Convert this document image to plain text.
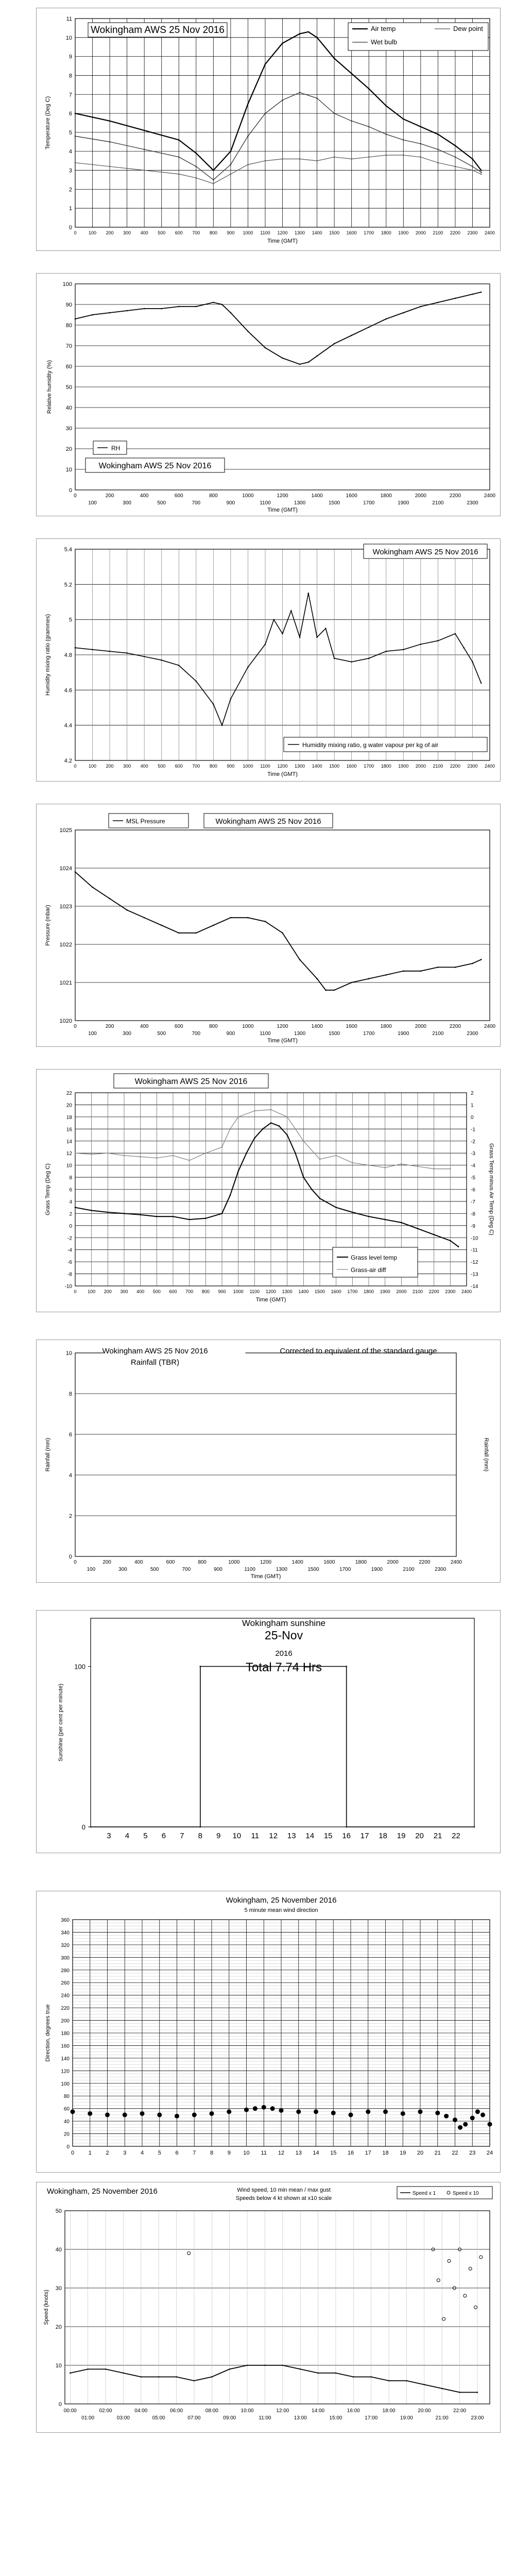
0
1
2
3
4
5
6
7
8
9
10
11
0	100 200 300 400 500 600 700 800 900 1000 1100 1200 1300 1400 1500 1600 1700 1800 1900 2000 2100 2200 2300 2400
Time (GMT)
Temperature (Deg C)
Wokingham AWS 25 Nov 2016	Air temp	Dew point
Wet bulb
0
10
20
30
40
50
60
70
80
90
100
0	200	400	600	800	1000	1200	1400	1600	1800	2000	2200	2400
100	300	500	700	900	1100	1300	1500	1700	1900	2100	2300
Time (GMT)
Relative humidity (%)
RH
Wokingham AWS 25 Nov 2016
4.2
4.4
4.6
4.8
5
5.2
5.4
0	100 200 300 400 500 600 700 800 900 1000 1100 1200 1300 1400 1500 1600 1700 1800 1900 2000 2100 2200 2300 2400
Time (GMT)
Humidity mixing ratio (grammes)
Wokingham AWS 25 Nov 2016
Humidity mixing ratio, g water vapour per kg of air
1020
1021
1022
1023
1024
1025
0	200	400	600	800	1000	1200	1400	1600	1800	2000	2200	2400
100	300	500	700	900	1100	1300	1500	1700	1900	2100	2300
Time (GMT)
Pressure (mbar)
MSL Pressure	Wokingham AWS 25 Nov 2016
-10
-8
-6
-4
-2
0
2
4
6
8
10
12
14
16
18
20
22
-14
-13
-12
-11
-10
-9
-8
-7
-6
-5
-4
-3
-2
-1
0
1
2
0 100 200 300 400 500 600 700 800 900 1000 1100 1200 1300 1400 1500 1600 1700 1800 1900 2000 2100 2200 2300 2400
Time (GMT)
Grass Temp (Deg C)	Grass Temp minus Air Temp (Deg C)
Wokingham AWS 25 Nov 2016
Grass level temp
Grass-air diff
0
2
4
6
8
10
0	200	400	600	800	1000	1200	1400	1600	1800	2000	2200	2400
100	300	500	700	900	1100	1300	1500	1700	1900	2100	2300
Time (GMT)
Rainfall (mm)	Rainfall (mm)
Wokingham AWS 25 Nov 2016
Rainfall (TBR)
Corrected to equivalent of the standard gauge
0
100
3 4 5 6 7 8 9 10 11 12 13 14 15 16 17 18 19 20 21 22
Sunshine (per cent per minute)
Wokingham sunshine
25-Nov
2016
Total 7.74 Hrs
0
20
40
60
80
100
120
140
160
180
200
220
240
260
280
300
320
340
360
0	1	2	3	4	5	6	7	8	9 10 11 12 13 14 15 16 17 18 19 20 21 22 23 24
Direction, degrees true
Wokingham, 25 November 2016
5 minute mean wind direction
0
10
20
30
40
50
00:00	02:00	04:00	06:00	08:00	10:00	12:00	14:00	16:00	18:00	20:00	22:00
01:00	03:00	05:00	07:00	09:00	11:00	13:00	15:00	17:00	19:00	21:00	23:00
Speed (knots)
Wokingham, 25 November 2016	Wind speed, 10 min mean / max gust
Speeds below 4 kt shown at x10 scale
Speed x 1	Speed x 10
